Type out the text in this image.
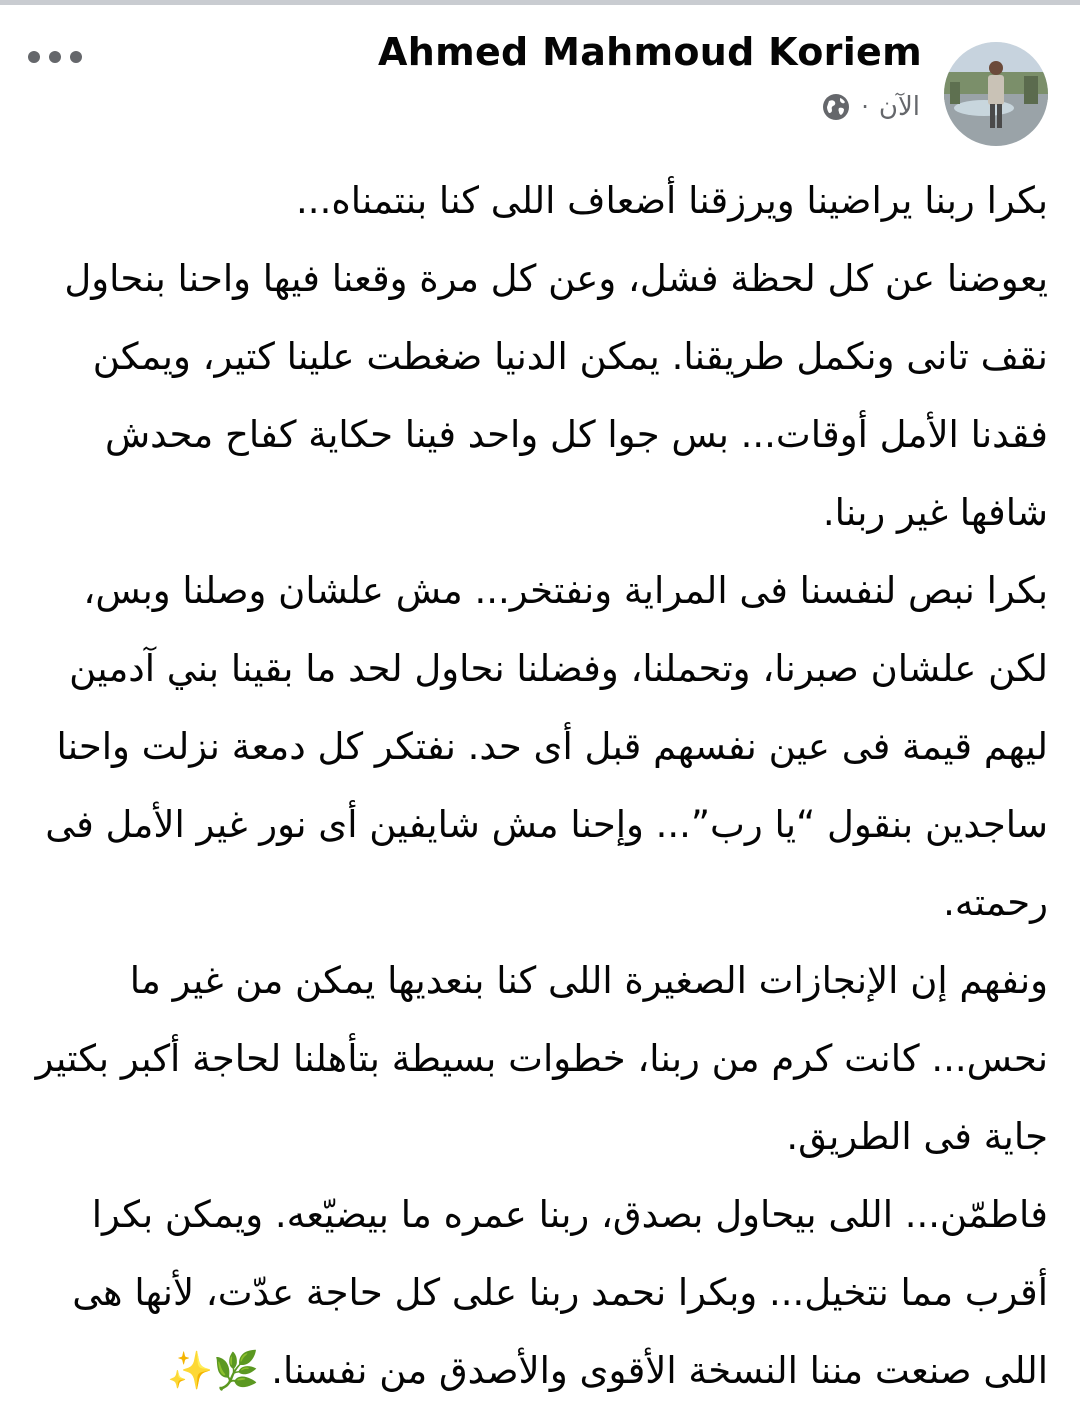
Ahmed Mahmoud Koriem
الآن
·

بكرا ربنا يراضينا ويرزقنا أضعاف اللى كنا بنتمناه...

يعوضنا عن كل لحظة فشل، وعن كل مرة وقعنا فيها واحنا بنحاول نقف تانى ونكمل طريقنا. يمكن الدنيا ضغطت علينا كتير، ويمكن فقدنا الأمل أوقات... بس جوا كل واحد فينا حكاية كفاح محدش شافها غير ربنا.

بكرا نبص لنفسنا فى المراية ونفتخر... مش علشان وصلنا وبس، لكن علشان صبرنا، وتحملنا، وفضلنا نحاول لحد ما بقينا بني آدمين ليهم قيمة فى عين نفسهم قبل أى حد. نفتكر كل دمعة نزلت واحنا ساجدين بنقول “يا رب”... وإحنا مش شايفين أى نور غير الأمل فى رحمته.

ونفهم إن الإنجازات الصغيرة اللى كنا بنعديها يمكن من غير ما نحس... كانت كرم من ربنا، خطوات بسيطة بتأهلنا لحاجة أكبر بكتير جاية فى الطريق.

فاطمّن... اللى بيحاول بصدق، ربنا عمره ما بيضيّعه. ويمكن بكرا أقرب مما نتخيل... وبكرا نحمد ربنا على كل حاجة عدّت، لأنها هى اللى صنعت مننا النسخة الأقوى والأصدق من نفسنا. 🌿✨
